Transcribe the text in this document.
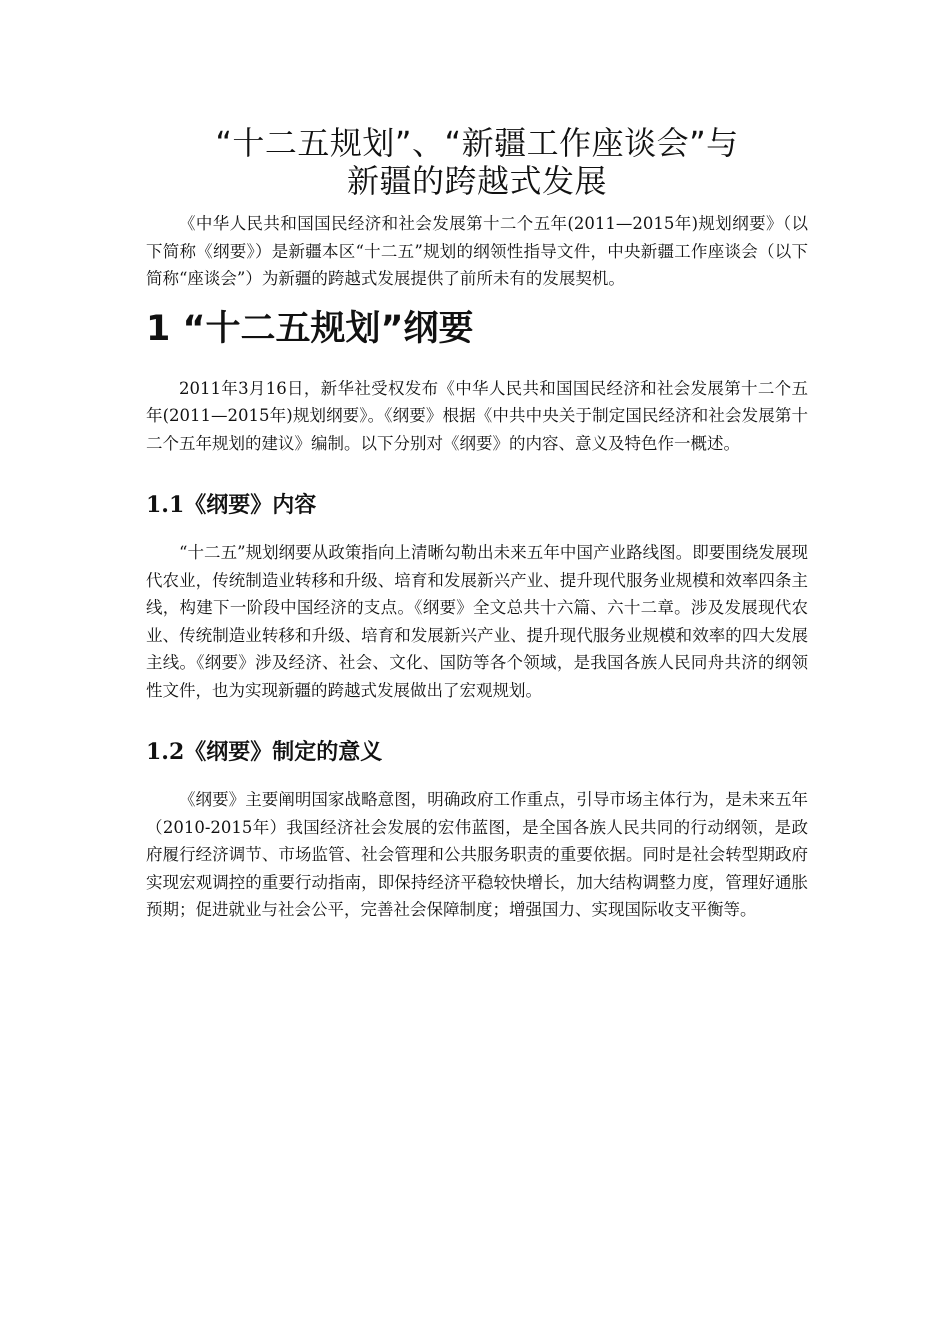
“十二五规划”、“新疆工作座谈会”与
新疆的跨越式发展

《中华人民共和国国民经济和社会发展第十二个五年(2011—2015年)规划纲要》（以下简称《纲要》）是新疆本区“十二五”规划的纲领性指导文件，中央新疆工作座谈会（以下简称“座谈会”）为新疆的跨越式发展提供了前所未有的发展契机。

1 “十二五规划”纲要

2011年3月16日，新华社受权发布《中华人民共和国国民经济和社会发展第十二个五年(2011—2015年)规划纲要》。《纲要》根据《中共中央关于制定国民经济和社会发展第十二个五年规划的建议》编制。以下分别对《纲要》的内容、意义及特色作一概述。

1.1《纲要》内容

“十二五”规划纲要从政策指向上清晰勾勒出未来五年中国产业路线图。即要围绕发展现代农业，传统制造业转移和升级、培育和发展新兴产业、提升现代服务业规模和效率四条主线，构建下一阶段中国经济的支点。《纲要》全文总共十六篇、六十二章。涉及发展现代农业、传统制造业转移和升级、培育和发展新兴产业、提升现代服务业规模和效率的四大发展主线。《纲要》涉及经济、社会、文化、国防等各个领域，是我国各族人民同舟共济的纲领性文件，也为实现新疆的跨越式发展做出了宏观规划。

1.2《纲要》制定的意义

《纲要》主要阐明国家战略意图，明确政府工作重点，引导市场主体行为，是未来五年（2010-2015年）我国经济社会发展的宏伟蓝图，是全国各族人民共同的行动纲领，是政府履行经济调节、市场监管、社会管理和公共服务职责的重要依据。同时是社会转型期政府实现宏观调控的重要行动指南，即保持经济平稳较快增长，加大结构调整力度，管理好通胀预期；促进就业与社会公平，完善社会保障制度；增强国力、实现国际收支平衡等。
